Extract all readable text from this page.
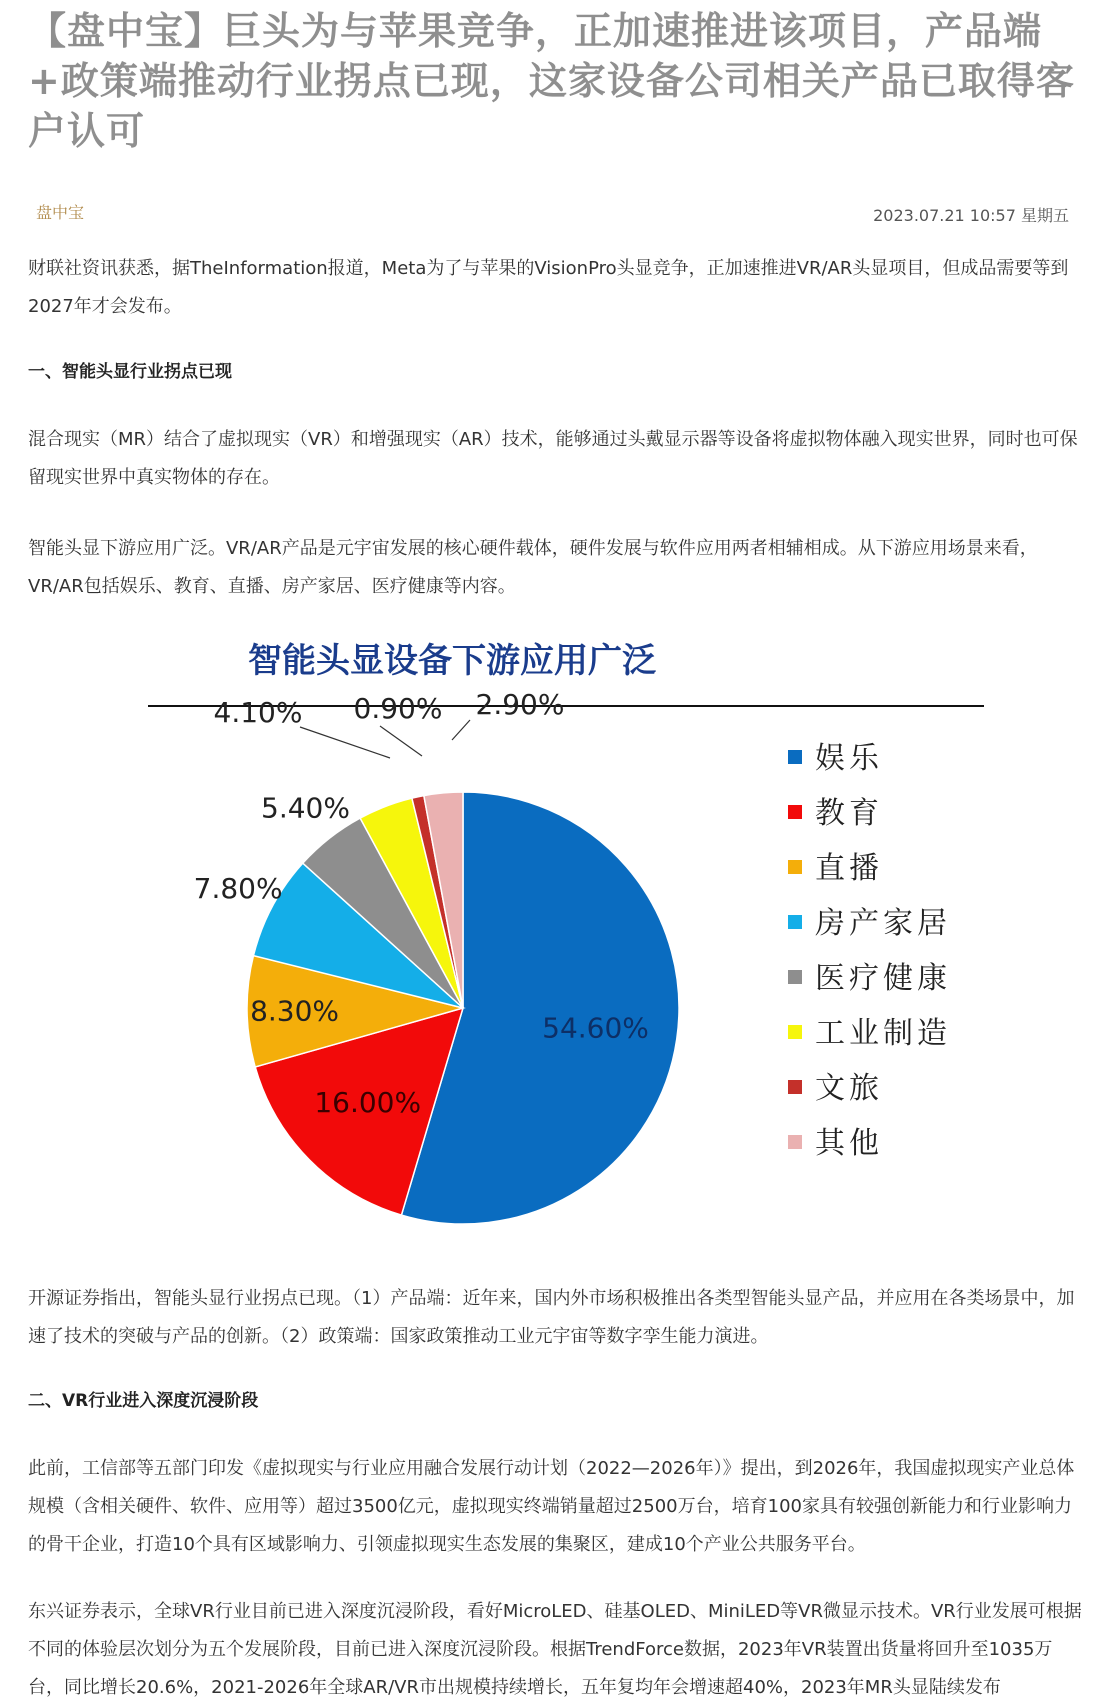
【盘中宝】巨头为与苹果竞争，正加速推进该项目，产品端+政策端推动行业拐点已现，这家设备公司相关产品已取得客户认可
盘中宝	2023.07.21 10:57 星期五
财联社资讯获悉，据TheInformation报道，Meta为了与苹果的VisionPro头显竞争，正加速推进VR/AR头显项目，但成品需要等到2027年才会发布。
一、智能头显行业拐点已现
混合现实（MR）结合了虚拟现实（VR）和增强现实（AR）技术，能够通过头戴显示器等设备将虚拟物体融入现实世界，同时也可保留现实世界中真实物体的存在。
智能头显下游应用广泛。VR/AR产品是元宇宙发展的核心硬件载体，硬件发展与软件应用两者相辅相成。从下游应用场景来看，VR/AR包括娱乐、教育、直播、房产家居、医疗健康等内容。
智能头显设备下游应用广泛
54.60%
16.00%
8.30%
7.80%
5.40%
4.10% 0.90% 2.90%
娱乐
教育
直播
房产家居
医疗健康
工业制造
文旅
其他
开源证券指出，智能头显行业拐点已现。（1）产品端：近年来，国内外市场积极推出各类型智能头显产品，并应用在各类场景中，加速了技术的突破与产品的创新。（2）政策端：国家政策推动工业元宇宙等数字孪生能力演进。
二、VR行业进入深度沉浸阶段
此前，工信部等五部门印发《虚拟现实与行业应用融合发展行动计划（2022—2026年）》提出，到2026年，我国虚拟现实产业总体规模（含相关硬件、软件、应用等）超过3500亿元，虚拟现实终端销量超过2500万台，培育100家具有较强创新能力和行业影响力的骨干企业，打造10个具有区域影响力、引领虚拟现实生态发展的集聚区，建成10个产业公共服务平台。
东兴证券表示，全球VR行业目前已进入深度沉浸阶段，看好MicroLED、硅基OLED、MiniLED等VR微显示技术。VR行业发展可根据不同的体验层次划分为五个发展阶段，目前已进入深度沉浸阶段。根据TrendForce数据，2023年VR装置出货量将回升至1035万台，同比增长20.6%，2021-2026年全球AR/VR市出规模持续增长，五年复均年会增速超40%，2023年MR头显陆续发布
